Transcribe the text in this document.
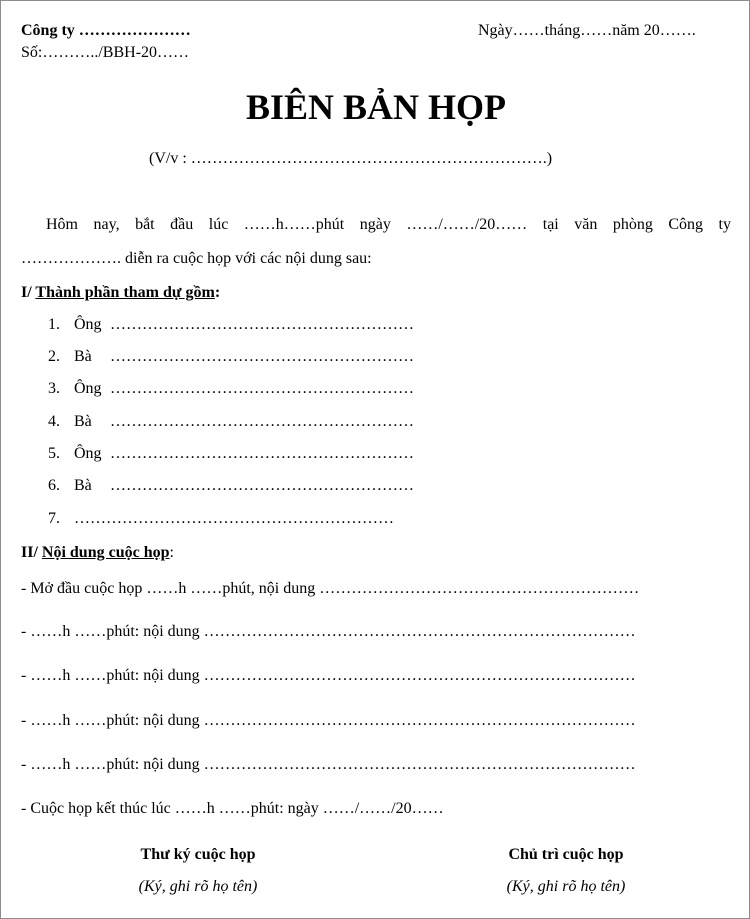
Công ty …………………
Số:………../BBH-20……
Ngày……tháng……năm 20…….
BIÊN BẢN HỌP
(V/v : ………………………………………………………….)
Hôm nay, bắt đầu lúc ……h……phút ngày ……/……/20…… tại văn phòng Công ty
………………. diễn ra cuộc họp với các nội dung sau:
I/ Thành phần tham dự gồm:
1. Ông …………………………………………………
2. Bà …………………………………………………
3. Ông …………………………………………………
4. Bà …………………………………………………
5. Ông …………………………………………………
6. Bà …………………………………………………
7. ……………………………………………………
II/ Nội dung cuộc họp:
- Mở đầu cuộc họp ……h ……phút, nội dung ……………………………………………………
- ……h ……phút: nội dung ………………………………………………………………………
- ……h ……phút: nội dung ………………………………………………………………………
- ……h ……phút: nội dung ………………………………………………………………………
- ……h ……phút: nội dung ………………………………………………………………………
- Cuộc họp kết thúc lúc ……h ……phút: ngày ……/……/20……
Thư ký cuộc họp
(Ký, ghi rõ họ tên)
Chủ trì cuộc họp
(Ký, ghi rõ họ tên)
